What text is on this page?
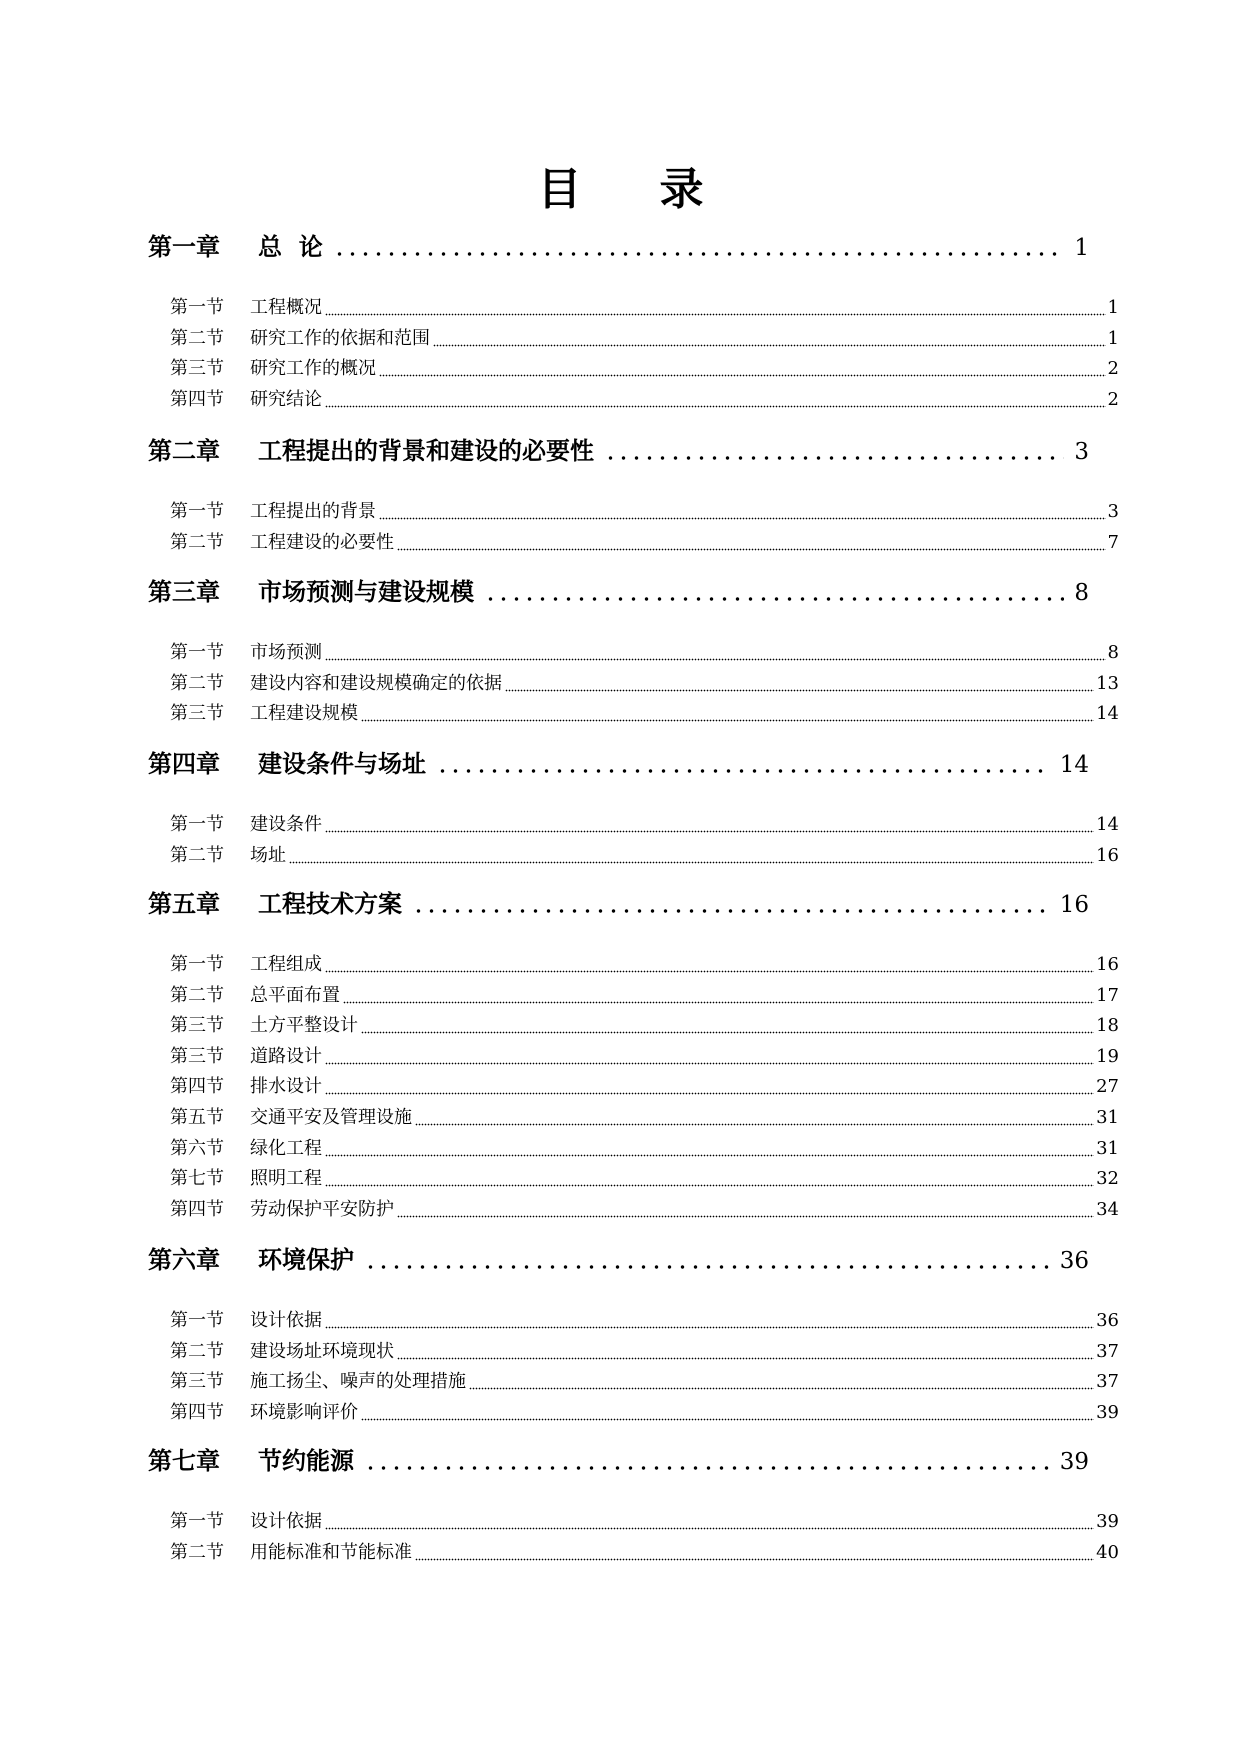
目录
第一章	总  论	1
第一节	工程概况	1
第二节	研究工作的依据和范围	1
第三节	研究工作的概况	2
第四节	研究结论	2
第二章	工程提出的背景和建设的必要性	3
第一节	工程提出的背景	3
第二节	工程建设的必要性	7
第三章	市场预测与建设规模	8
第一节	市场预测	8
第二节	建设内容和建设规模确定的依据	13
第三节	工程建设规模	14
第四章	建设条件与场址	14
第一节	建设条件	14
第二节	场址	16
第五章	工程技术方案	16
第一节	工程组成	16
第二节	总平面布置	17
第三节	土方平整设计	18
第三节	道路设计	19
第四节	排水设计	27
第五节	交通平安及管理设施	31
第六节	绿化工程	31
第七节	照明工程	32
第四节	劳动保护平安防护	34
第六章	环境保护	36
第一节	设计依据	36
第二节	建设场址环境现状	37
第三节	施工扬尘、噪声的处理措施	37
第四节	环境影响评价	39
第七章	节约能源	39
第一节	设计依据	39
第二节	用能标准和节能标准	40
